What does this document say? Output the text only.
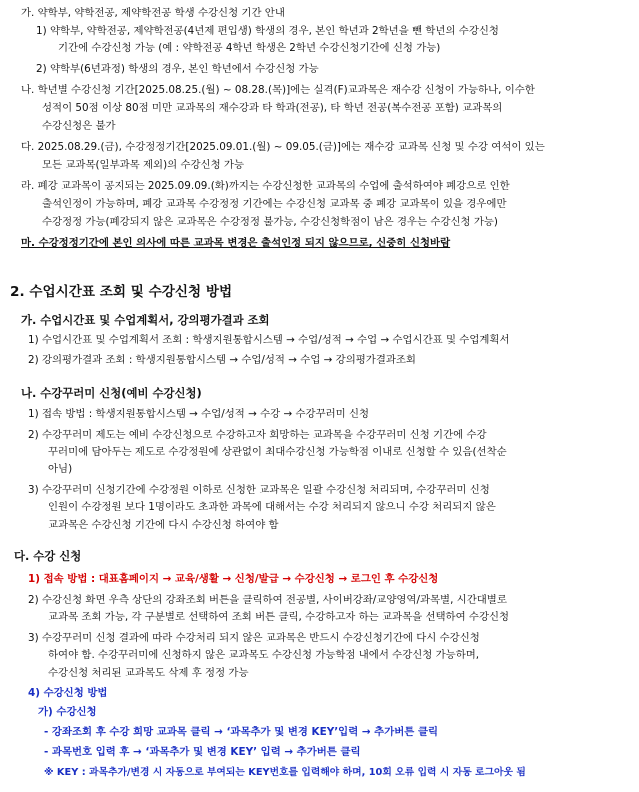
가. 약학부, 약학전공, 제약학전공 학생 수강신청 기간 안내
1) 약학부, 약학전공, 제약학전공(4년제 편입생) 학생의 경우, 본인 학년과 2학년을 뺀 학년의 수강신청
기간에 수강신청 가능 (예 : 약학전공 4학년 학생은 2학년 수강신청기간에 신청 가능)
2) 약학부(6년과정) 학생의 경우, 본인 학년에서 수강신청 가능
나. 학년별 수강신청 기간[2025.08.25.(월) ~ 08.28.(목)]에는 실격(F)교과목은 재수강 신청이 가능하나, 이수한
성적이 50점 이상 80점 미만 교과목의 재수강과 타 학과(전공), 타 학년 전공(복수전공 포함) 교과목의
수강신청은 불가
다. 2025.08.29.(금), 수강정정기간[2025.09.01.(월) ~ 09.05.(금)]에는 재수강 교과목 신청 및 수강 여석이 있는
모든 교과목(일부과목 제외)의 수강신청 가능
라. 폐강 교과목이 공지되는 2025.09.09.(화)까지는 수강신청한 교과목의 수업에 출석하여야 폐강으로 인한
출석인정이 가능하며, 폐강 교과목 수강정정 기간에는 수강신청 교과목 중 폐강 교과목이 있을 경우에만
수강정정 가능(폐강되지 않은 교과목은 수강정정 불가능, 수강신청학점이 남은 경우는 수강신청 가능)
마. 수강정정기간에 본인 의사에 따른 교과목 변경은 출석인정 되지 않으므로, 신중히 신청바람
2. 수업시간표 조회 및 수강신청 방법
가. 수업시간표 및 수업계획서, 강의평가결과 조회
1) 수업시간표 및 수업계획서 조회 : 학생지원통합시스템 → 수업/성적 → 수업 → 수업시간표 및 수업계획서
2) 강의평가결과 조회 : 학생지원통합시스템 → 수업/성적 → 수업 → 강의평가결과조회
나. 수강꾸러미 신청(예비 수강신청)
1) 접속 방법 : 학생지원통합시스템 → 수업/성적 → 수강 → 수강꾸러미 신청
2) 수강꾸러미 제도는 예비 수강신청으로 수강하고자 희망하는 교과목을 수강꾸러미 신청 기간에 수강
꾸러미에 담아두는 제도로 수강정원에 상관없이 최대수강신청 가능학점 이내로 신청할 수 있음(선착순
아님)
3) 수강꾸러미 신청기간에 수강정원 이하로 신청한 교과목은 일괄 수강신청 처리되며, 수강꾸러미 신청
인원이 수강정원 보다 1명이라도 초과한 과목에 대해서는 수강 처리되지 않으니 수강 처리되지 않은
교과목은 수강신청 기간에 다시 수강신청 하여야 함
다. 수강 신청
1) 접속 방법 : 대표홈페이지 → 교육/생활 → 신청/발급 → 수강신청 → 로그인 후 수강신청
2) 수강신청 화면 우측 상단의 강좌조회 버튼을 클릭하여 전공별, 사이버강좌/교양영역/과목별, 시간대별로
교과목 조회 가능, 각 구분별로 선택하여 조회 버튼 클릭, 수강하고자 하는 교과목을 선택하여 수강신청
3) 수강꾸러미 신청 결과에 따라 수강처리 되지 않은 교과목은 반드시 수강신청기간에 다시 수강신청
하여야 함. 수강꾸러미에 신청하지 않은 교과목도 수강신청 가능학점 내에서 수강신청 가능하며,
수강신청 처리된 교과목도 삭제 후 정정 가능
4) 수강신청 방법
가) 수강신청
- 강좌조회 후 수강 희망 교과목 클릭 → ‘과목추가 및 변경 KEY’입력 → 추가버튼 클릭
- 과목번호 입력 후 → ‘과목추가 및 변경 KEY’ 입력 → 추가버튼 클릭
※ KEY : 과목추가/변경 시 자동으로 부여되는 KEY번호를 입력해야 하며, 10회 오류 입력 시 자동 로그아웃 됨
